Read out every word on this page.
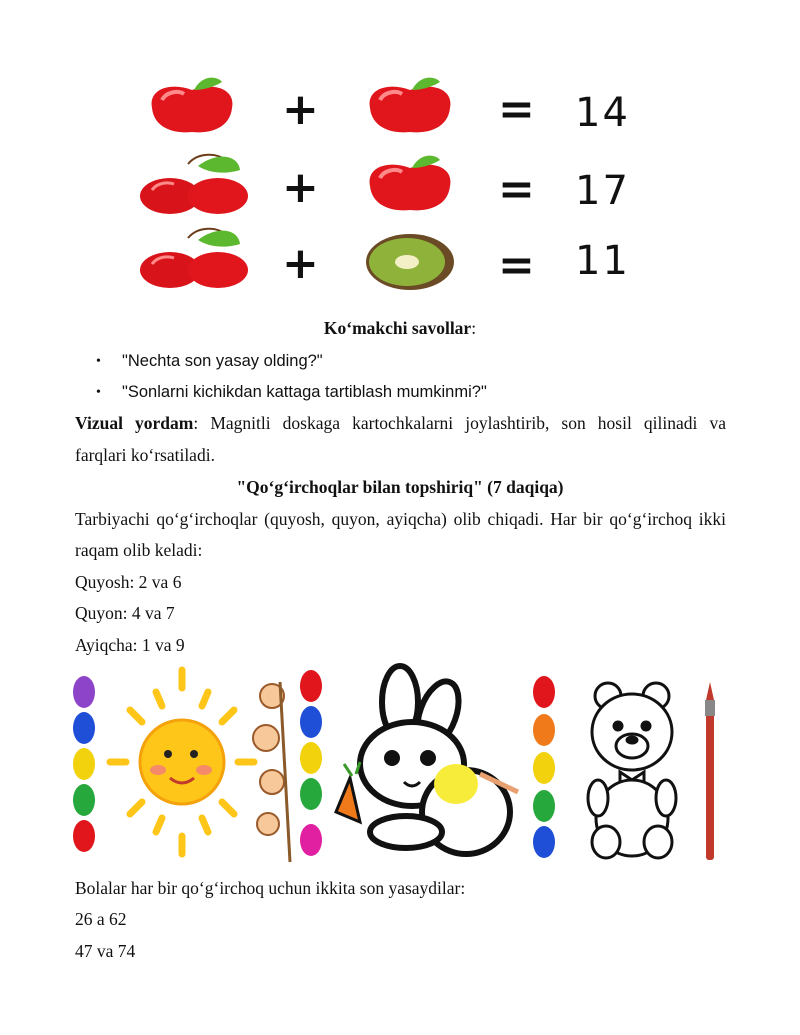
+	= 14
+	= 17
+	= 11
Ko‘makchi savollar:
• "Nechta son yasay olding?"
• "Sonlarni kichikdan kattaga tartiblash mumkinmi?"
Vizual yordam: Magnitli doskaga kartochkalarni joylashtirib, son hosil qilinadi va
farqlari ko‘rsatiladi.
"Qo‘g‘irchoqlar bilan topshiriq" (7 daqiqa)
Tarbiyachi qo‘g‘irchoqlar (quyosh, quyon, ayiqcha) olib chiqadi. Har bir qo‘g‘irchoq ikki
raqam olib keladi:
Quyosh: 2 va 6
Quyon: 4 va 7
Ayiqcha: 1 va 9
Bolalar har bir qo‘g‘irchoq uchun ikkita son yasaydilar:
26 a 62
47 va 74
